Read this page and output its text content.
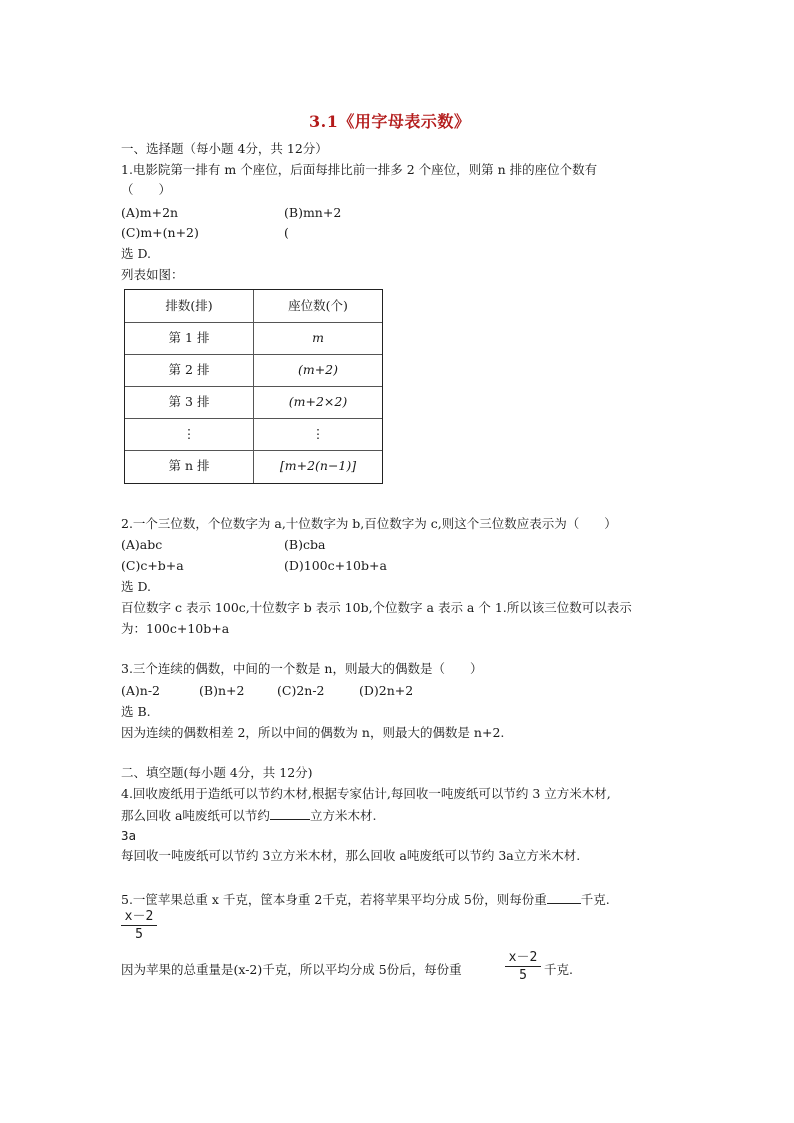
3.1《用字母表示数》
一、选择题（每小题 4分，共 12分）
1.电影院第一排有 m 个座位，后面每排比前一排多 2 个座位，则第 n 排的座位个数有
（　　）
(A)m+2n	(B)mn+2
(C)m+(n+2)	(
选 D.
列表如图：
排数(排)	座位数(个)
第 1 排	m
第 2 排	(m+2)
第 3 排	(m+2×2)
⋮	⋮
第 n 排	[m+2(n−1)]
2.一个三位数，个位数字为 a,十位数字为 b,百位数字为 c,则这个三位数应表示为（　　）
(A)abc	(B)cba
(C)c+b+a	(D)100c+10b+a
选 D.
百位数字 c 表示 100c,十位数字 b 表示 10b,个位数字 a 表示 a 个 1.所以该三位数可以表示
为：100c+10b+a
3.三个连续的偶数，中间的一个数是 n，则最大的偶数是（　　）
(A)n-2	(B)n+2	(C)2n-2	(D)2n+2
选 B.
因为连续的偶数相差 2，所以中间的偶数为 n，则最大的偶数是 n+2.
二、填空题(每小题 4分，共 12分)
4.回收废纸用于造纸可以节约木材,根据专家估计,每回收一吨废纸可以节约 3 立方米木材,
那么回收 a吨废纸可以节约	立方米木材.
3a
每回收一吨废纸可以节约 3立方米木材，那么回收 a吨废纸可以节约 3a立方米木材.
5.一筐苹果总重 x 千克，筐本身重 2千克，若将苹果平均分成 5份，则每份重	千克.
x－2
5
因为苹果的总重量是(x-2)千克，所以平均分成 5份后，每份重
x－2
5	千克.
